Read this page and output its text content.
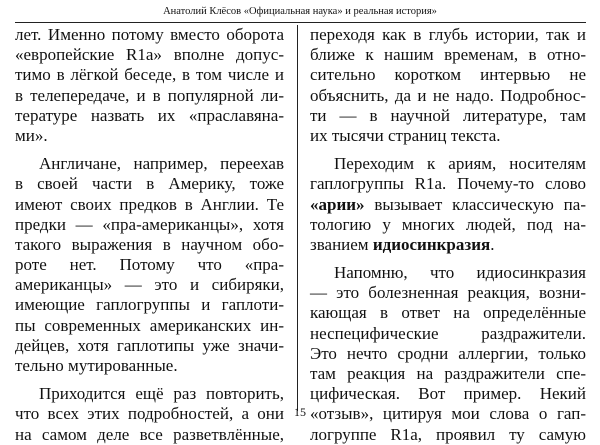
Анатолий Клёсов «Официальная наука» и реальная история»
лет. Именно потому вместо оборота
«европейские R1a» вполне допус-
тимо в лёгкой беседе, в том числе и
в телепередаче, и в популярной ли-
тературе назвать их «праславяна-
ми».
Англичане, например, переехав
в своей части в Америку, тоже
имеют своих предков в Англии. Те
предки — «пра-американцы», хотя
такого выражения в научном обо-
роте нет. Потому что «пра-
американцы» — это и сибиряки,
имеющие гаплогруппы и гаплоти-
пы современных американских ин-
дейцев, хотя гаплотипы уже значи-
тельно мутированные.
Приходится ещё раз повторить,
что всех этих подробностей, а они
на самом деле все разветвлённые,
переходя как в глубь истории, так и
ближе к нашим временам, в отно-
сительно коротком интервью не
объяснить, да и не надо. Подробнос-
ти — в научной литературе, там
их тысячи страниц текста.
Переходим к ариям, носителям
гаплогруппы R1a. Почему-то слово
«арии» вызывает классическую па-
тологию у многих людей, под на-
званием идиосинкразия.
Напомню, что идиосинкразия
— это болезненная реакция, возни-
кающая в ответ на определённые
неспецифические раздражители.
Это нечто сродни аллергии, только
там реакция на раздражители спе-
цифическая. Вот пример. Некий
«отзыв», цитируя мои слова о гап-
логруппе R1a, проявил ту самую
15
